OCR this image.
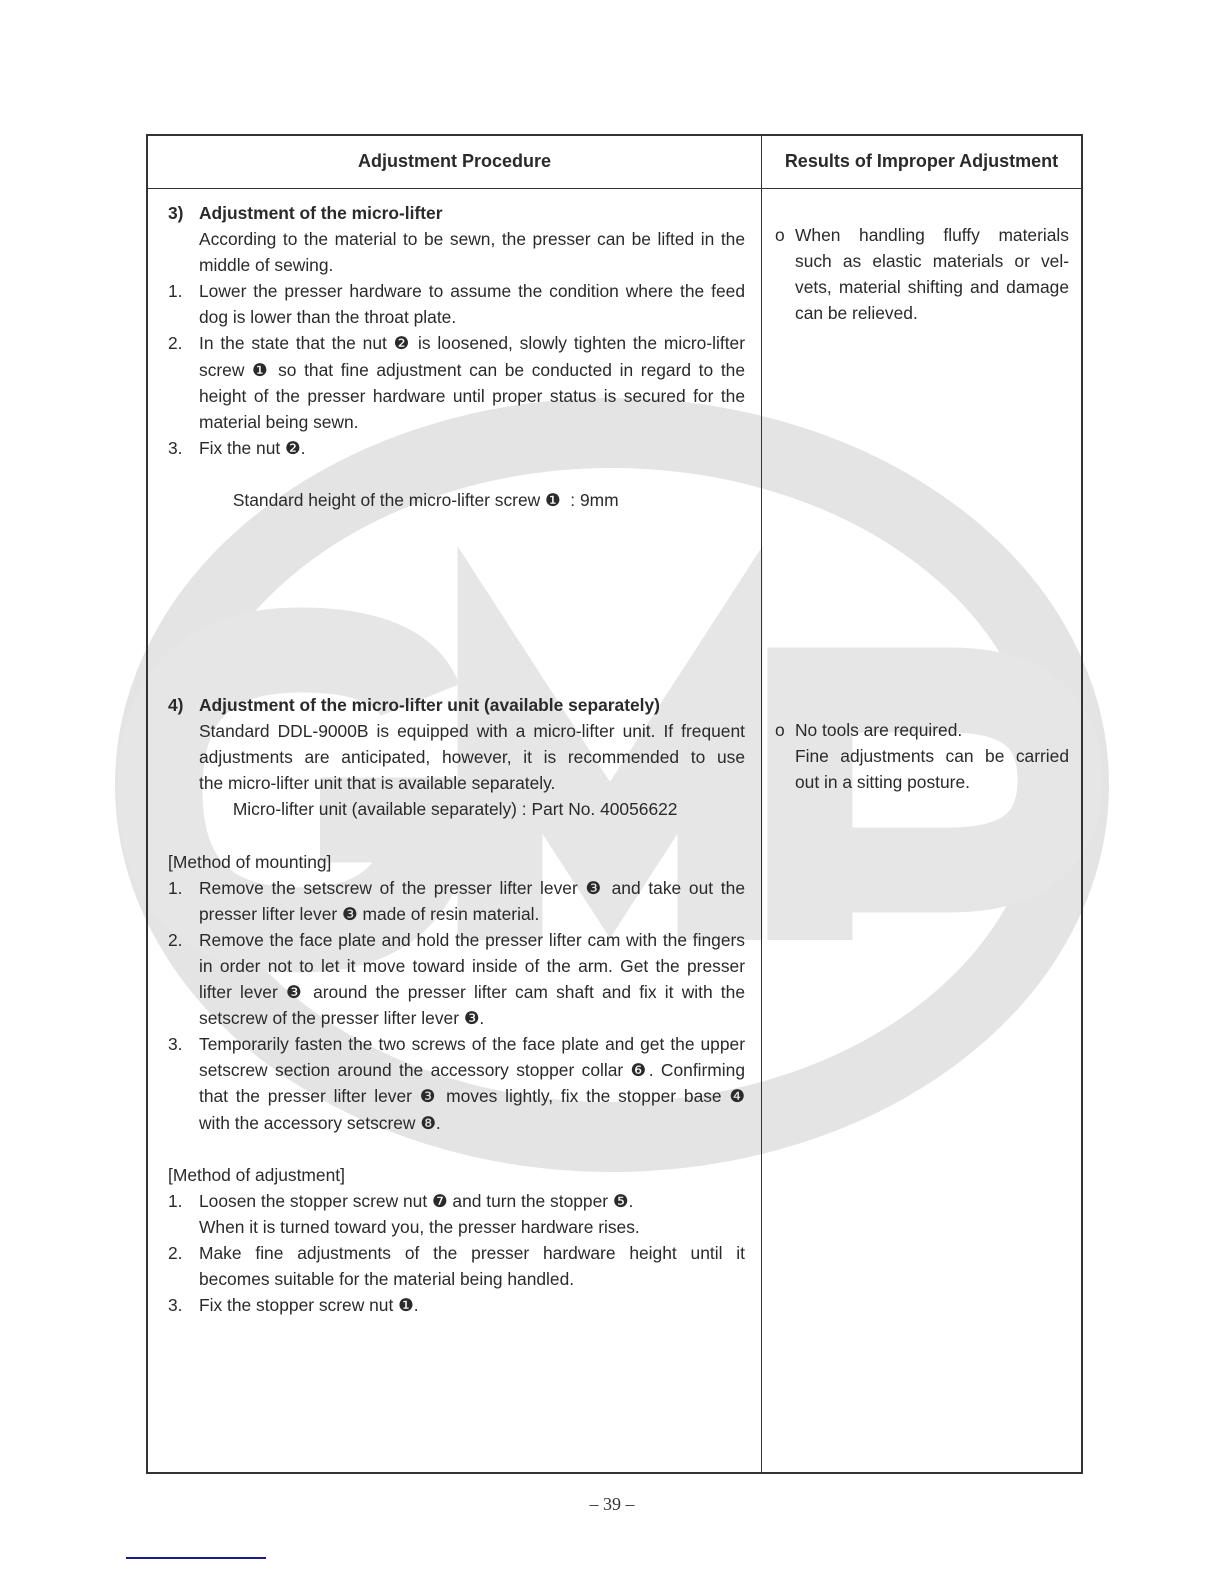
Adjustment Procedure	Results of Improper Adjustment
3) Adjustment of the micro-lifter
According to the material to be sewn, the presser can be lifted in the
middle of sewing.
1. Lower the presser hardware to assume the condition where the feed
dog is lower than the throat plate.
2. In the state that the nut ❷ is loosened, slowly tighten the micro-lifter
screw ❶ so that fine adjustment can be conducted in regard to the
height of the presser hardware until proper status is secured for the
material being sewn.
3. Fix the nut ❷.
Standard height of the micro-lifter screw ❶  : 9mm
o When handling fluffy materials
such as elastic materials or vel-
vets, material shifting and damage
can be relieved.
4) Adjustment of the micro-lifter unit (available separately)
Standard DDL-9000B is equipped with a micro-lifter unit. If frequent
adjustments are anticipated, however, it is recommended to use
the micro-lifter unit that is available separately.
Micro-lifter unit (available separately) : Part No. 40056622
[Method of mounting]
1. Remove the setscrew of the presser lifter lever ❸ and take out the
presser lifter lever ❸ made of resin material.
2. Remove the face plate and hold the presser lifter cam with the fingers
in order not to let it move toward inside of the arm. Get the presser
lifter lever ❸ around the presser lifter cam shaft and fix it with the
setscrew of the presser lifter lever ❸.
3. Temporarily fasten the two screws of the face plate and get the upper
setscrew section around the accessory stopper collar ❻. Confirming
that the presser lifter lever ❸ moves lightly, fix the stopper base ❹
with the accessory setscrew ❽.
[Method of adjustment]
1. Loosen the stopper screw nut ❼ and turn the stopper ❺.
When it is turned toward you, the presser hardware rises.
2. Make fine adjustments of the presser hardware height until it
becomes suitable for the material being handled.
3. Fix the stopper screw nut ❶.
o No tools are required.
Fine adjustments can be carried
out in a sitting posture.
– 39 –
